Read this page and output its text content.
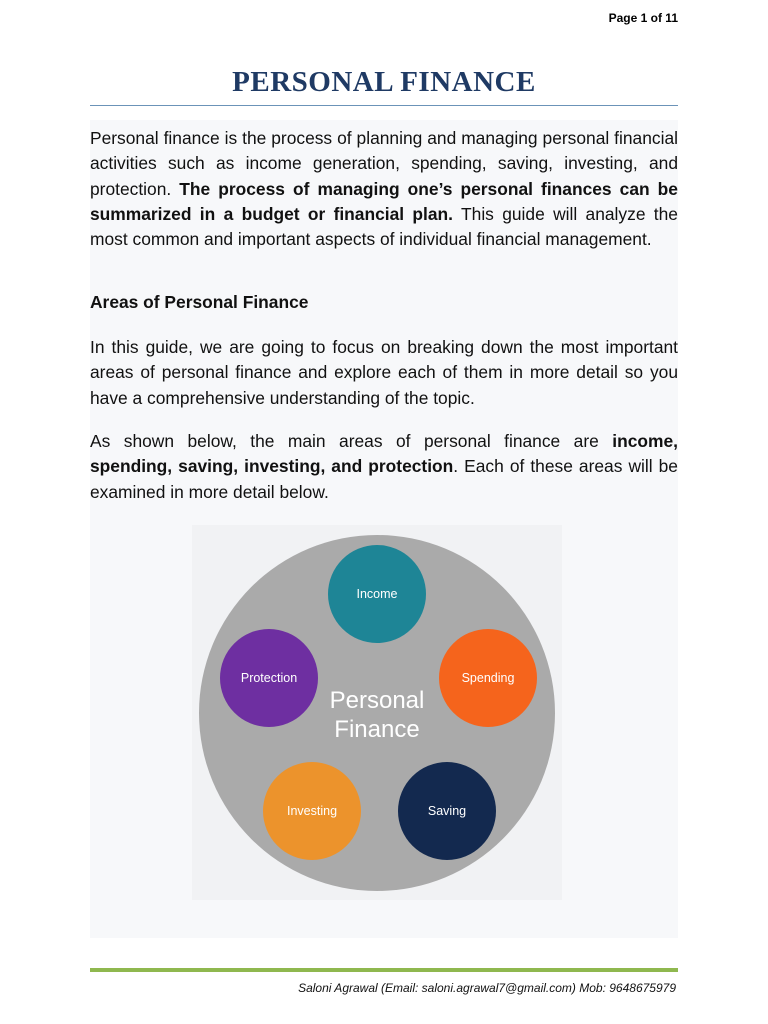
Page 1 of 11
PERSONAL FINANCE

Personal finance is the process of planning and managing personal financial activities such as income generation, spending, saving, investing, and protection. The process of managing one’s personal finances can be summarized in a budget or financial plan. This guide will analyze the most common and important aspects of individual financial management.

Areas of Personal Finance

In this guide, we are going to focus on breaking down the most important areas of personal finance and explore each of them in more detail so you have a comprehensive understanding of the topic.

As shown below, the main areas of personal finance are income, spending, saving, investing, and protection. Each of these areas will be examined in more detail below.

Personal
Finance
Income
Spending
Saving
Investing
Protection
Saloni Agrawal (Email: saloni.agrawal7@gmail.com) Mob: 9648675979
